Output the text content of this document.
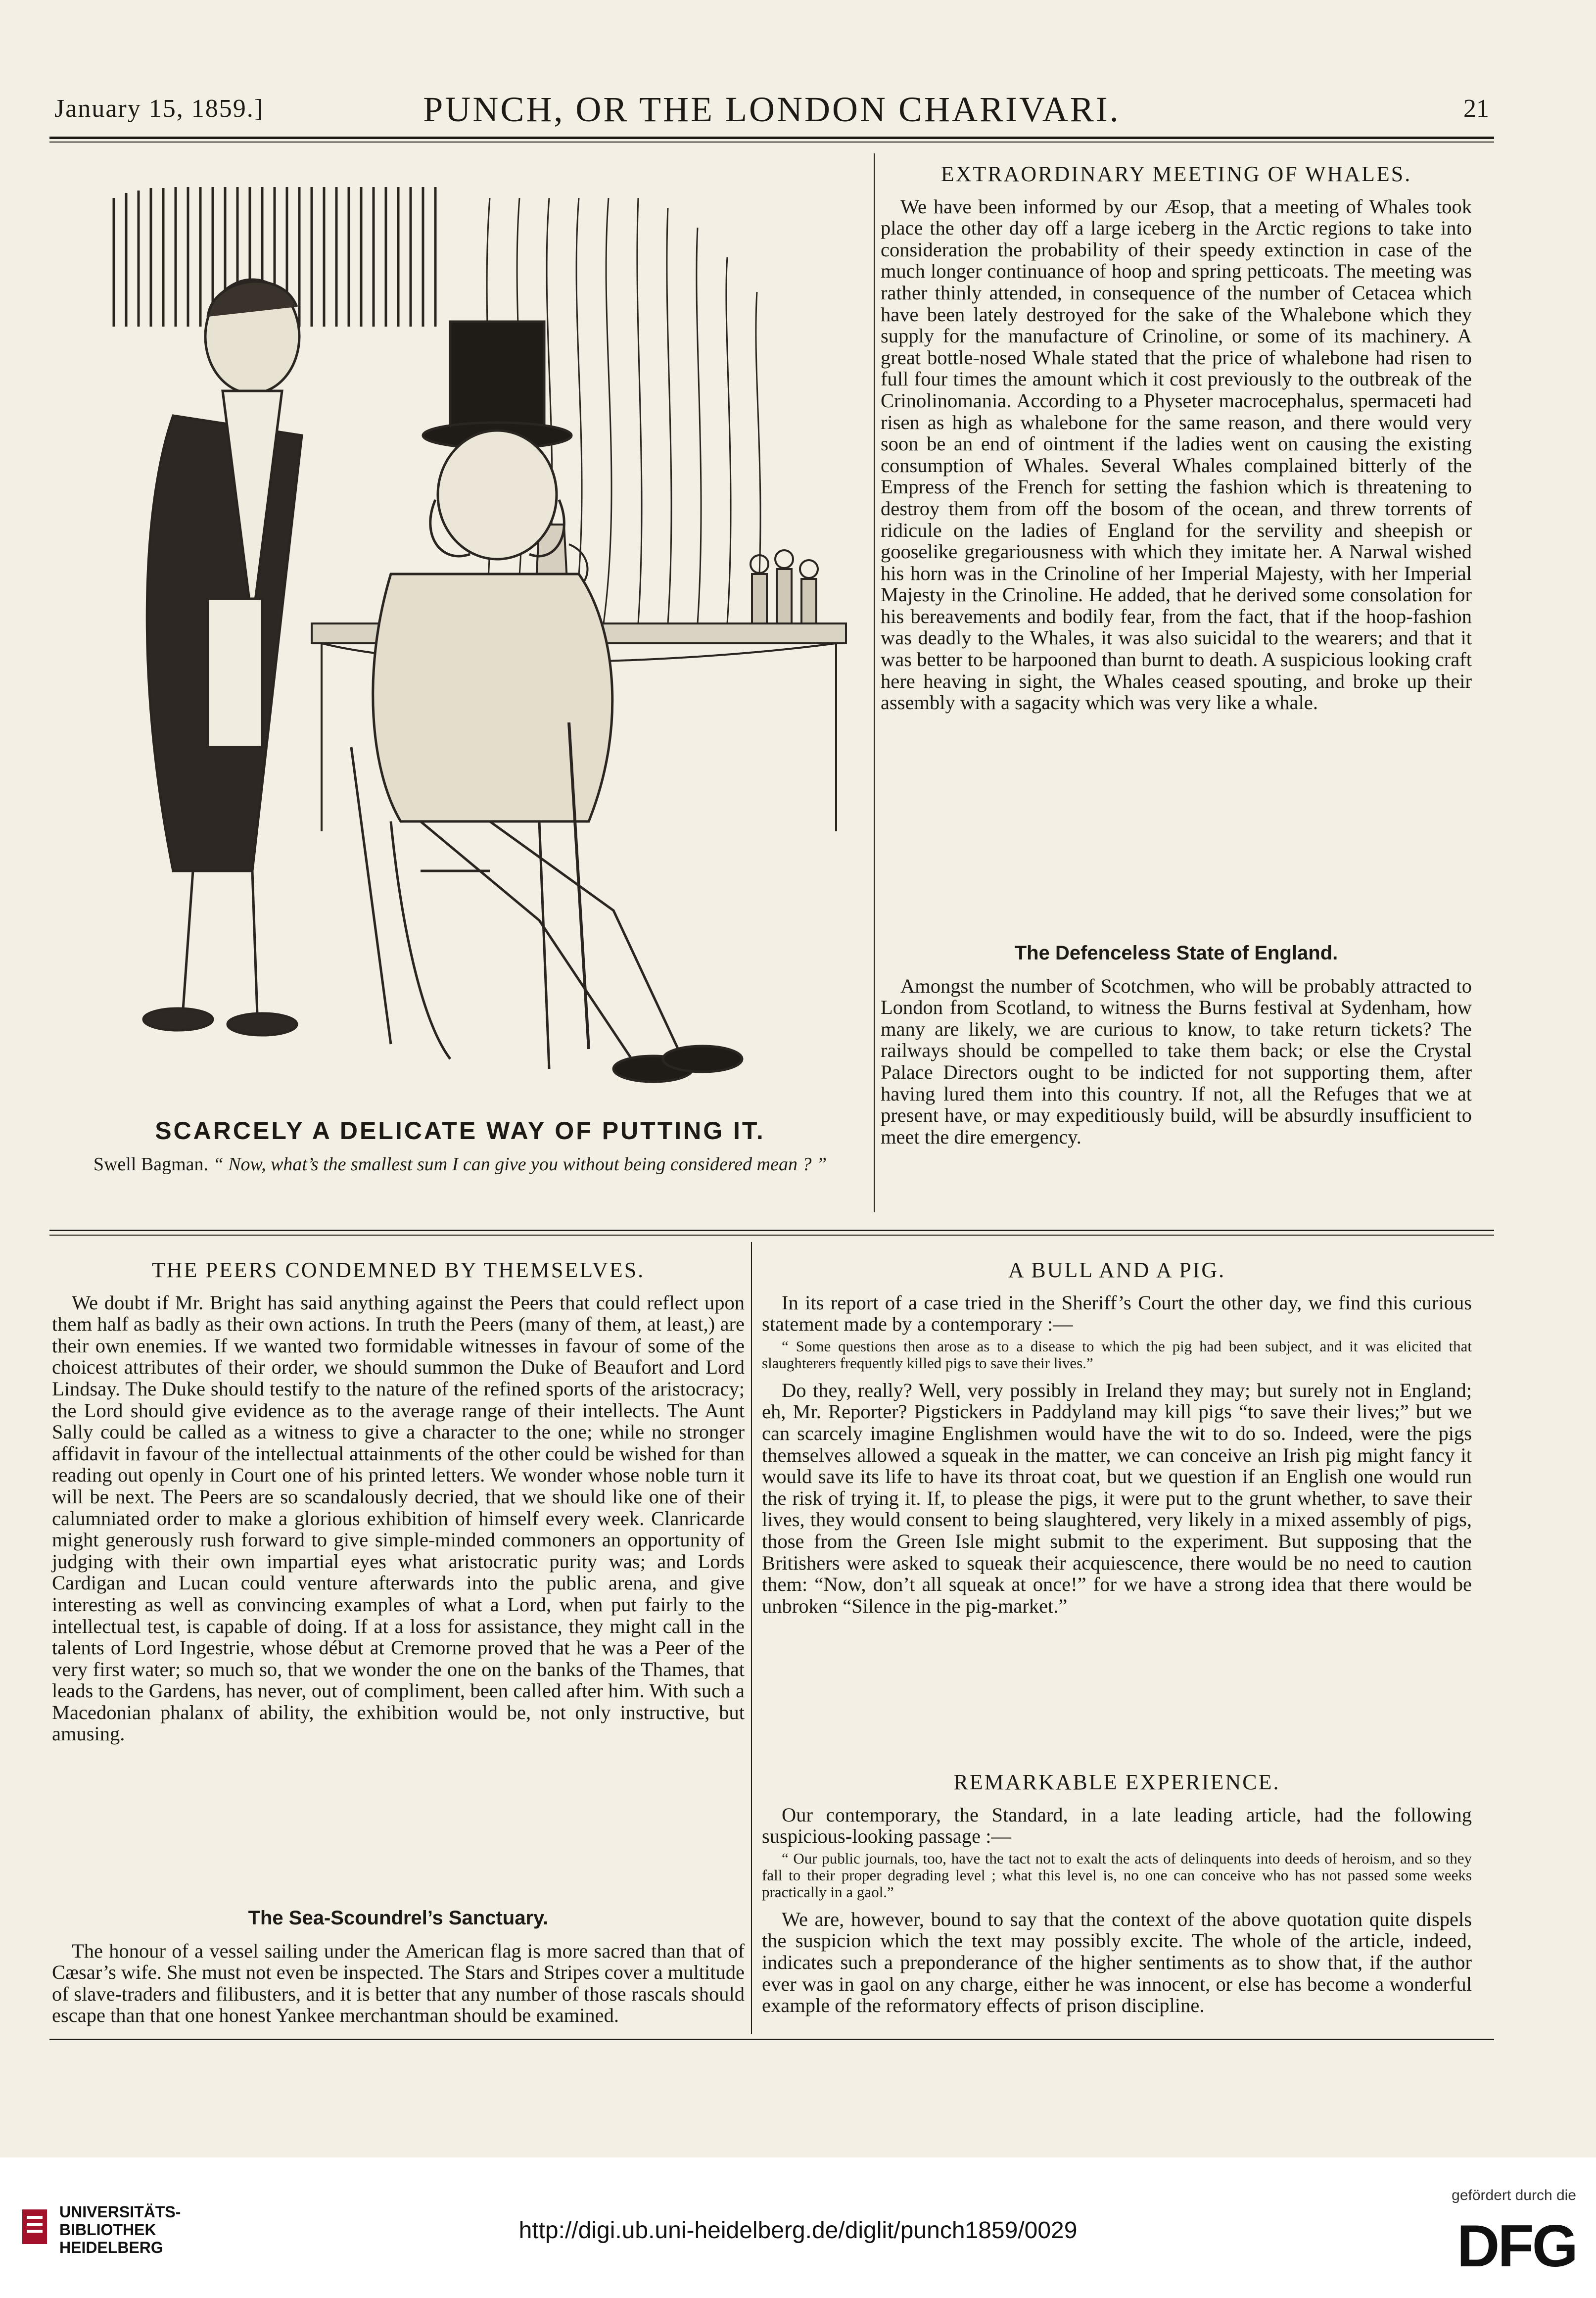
January 15, 1859.]	PUNCH, OR THE LONDON CHARIVARI.	21
SCARCELY A DELICATE WAY OF PUTTING IT.
Swell Bagman. “ Now, what’s the smallest sum I can give you without being considered mean ? ”
EXTRAORDINARY MEETING OF WHALES.

We have been informed by our Æsop, that a meeting of Whales took place the other day off a large iceberg in the Arctic regions to take into consideration the probability of their speedy extinction in case of the much longer continuance of hoop and spring petticoats. The meeting was rather thinly attended, in consequence of the number of Cetacea which have been lately destroyed for the sake of the Whalebone which they supply for the manufacture of Crinoline, or some of its machinery. A great bottle-nosed Whale stated that the price of whalebone had risen to full four times the amount which it cost previously to the outbreak of the Crinolinomania. According to a Physeter macrocephalus, spermaceti had risen as high as whalebone for the same reason, and there would very soon be an end of ointment if the ladies went on causing the existing consumption of Whales. Several Whales complained bitterly of the Empress of the French for setting the fashion which is threatening to destroy them from off the bosom of the ocean, and threw torrents of ridicule on the ladies of England for the servility and sheepish or gooselike gregariousness with which they imitate her. A Narwal wished his horn was in the Crinoline of her Imperial Majesty, with her Imperial Majesty in the Crinoline. He added, that he derived some consolation for his bereavements and bodily fear, from the fact, that if the hoop-fashion was deadly to the Whales, it was also suicidal to the wearers; and that it was better to be harpooned than burnt to death. A suspicious looking craft here heaving in sight, the Whales ceased spouting, and broke up their assembly with a sagacity which was very like a whale.

The Defenceless State of England.

Amongst the number of Scotchmen, who will be probably attracted to London from Scotland, to witness the Burns festival at Sydenham, how many are likely, we are curious to know, to take return tickets? The railways should be compelled to take them back; or else the Crystal Palace Directors ought to be indicted for not supporting them, after having lured them into this country. If not, all the Refuges that we at present have, or may expeditiously build, will be absurdly insufficient to meet the dire emergency.

THE PEERS CONDEMNED BY THEMSELVES.

We doubt if Mr. Bright has said anything against the Peers that could reflect upon them half as badly as their own actions. In truth the Peers (many of them, at least,) are their own enemies. If we wanted two formidable witnesses in favour of some of the choicest attributes of their order, we should summon the Duke of Beaufort and Lord Lindsay. The Duke should testify to the nature of the refined sports of the aristocracy; the Lord should give evidence as to the average range of their intellects. The Aunt Sally could be called as a witness to give a character to the one; while no stronger affidavit in favour of the intellectual attainments of the other could be wished for than reading out openly in Court one of his printed letters. We wonder whose noble turn it will be next. The Peers are so scandalously decried, that we should like one of their calumniated order to make a glorious exhibition of himself every week. Clanricarde might generously rush forward to give simple-minded commoners an opportunity of judging with their own impartial eyes what aristocratic purity was; and Lords Cardigan and Lucan could venture afterwards into the public arena, and give interesting as well as convincing examples of what a Lord, when put fairly to the intellectual test, is capable of doing. If at a loss for assistance, they might call in the talents of Lord Ingestrie, whose début at Cremorne proved that he was a Peer of the very first water; so much so, that we wonder the one on the banks of the Thames, that leads to the Gardens, has never, out of compliment, been called after him. With such a Macedonian phalanx of ability, the exhibition would be, not only instructive, but amusing.

The Sea-Scoundrel’s Sanctuary.

The honour of a vessel sailing under the American flag is more sacred than that of Cæsar’s wife. She must not even be inspected. The Stars and Stripes cover a multitude of slave-traders and filibusters, and it is better that any number of those rascals should escape than that one honest Yankee merchantman should be examined.

A BULL AND A PIG.

In its report of a case tried in the Sheriff’s Court the other day, we find this curious statement made by a contemporary :—

“ Some questions then arose as to a disease to which the pig had been subject, and it was elicited that slaughterers frequently killed pigs to save their lives.”

Do they, really? Well, very possibly in Ireland they may; but surely not in England; eh, Mr. Reporter? Pigstickers in Paddyland may kill pigs “to save their lives;” but we can scarcely imagine Englishmen would have the wit to do so. Indeed, were the pigs themselves allowed a squeak in the matter, we can conceive an Irish pig might fancy it would save its life to have its throat coat, but we question if an English one would run the risk of trying it. If, to please the pigs, it were put to the grunt whether, to save their lives, they would consent to being slaughtered, very likely in a mixed assembly of pigs, those from the Green Isle might submit to the experiment. But supposing that the Britishers were asked to squeak their acquiescence, there would be no need to caution them: “Now, don’t all squeak at once!” for we have a strong idea that there would be unbroken “Silence in the pig-market.”

REMARKABLE EXPERIENCE.

Our contemporary, the Standard, in a late leading article, had the following suspicious-looking passage :—

“ Our public journals, too, have the tact not to exalt the acts of delinquents into deeds of heroism, and so they fall to their proper degrading level ; what this level is, no one can conceive who has not passed some weeks practically in a gaol.”

We are, however, bound to say that the context of the above quotation quite dispels the suspicion which the text may possibly excite. The whole of the article, indeed, indicates such a preponderance of the higher sentiments as to show that, if the author ever was in gaol on any charge, either he was innocent, or else has become a wonderful example of the reformatory effects of prison discipline.

UNIVERSITÄTS-
BIBLIOTHEK
HEIDELBERG
http://digi.ub.uni-heidelberg.de/diglit/punch1859/0029
gefördert durch die
DFG
